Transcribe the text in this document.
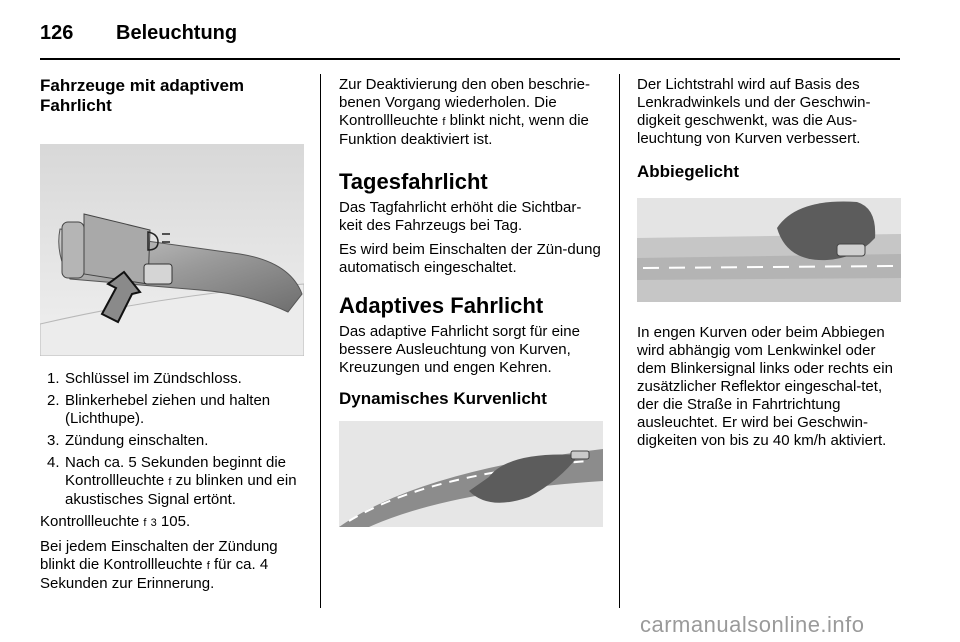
126 Beleuchtung
Fahrzeuge mit adaptivem Fahrlicht
1. Schlüssel im Zündschloss.
2. Blinkerhebel ziehen und halten (Lichthupe).
3. Zündung einschalten.
4. Nach ca. 5 Sekunden beginnt die Kontrollleuchte f zu blinken und ein akustisches Signal ertönt.

Kontrollleuchte f 3 105.

Bei jedem Einschalten der Zündung blinkt die Kontrollleuchte f für ca. 4 Sekunden zur Erinnerung.

Zur Deaktivierung den oben beschrie-benen Vorgang wiederholen. Die Kontrollleuchte f blinkt nicht, wenn die Funktion deaktiviert ist.

Tagesfahrlicht

Das Tagfahrlicht erhöht die Sichtbar-keit des Fahrzeugs bei Tag.

Es wird beim Einschalten der Zün-dung automatisch eingeschaltet.

Adaptives Fahrlicht

Das adaptive Fahrlicht sorgt für eine bessere Ausleuchtung von Kurven, Kreuzungen und engen Kehren.

Dynamisches Kurvenlicht

Der Lichtstrahl wird auf Basis des Lenkradwinkels und der Geschwin-digkeit geschwenkt, was die Aus-leuchtung von Kurven verbessert.

Abbiegelicht

In engen Kurven oder beim Abbiegen wird abhängig vom Lenkwinkel oder dem Blinkersignal links oder rechts ein zusätzlicher Reflektor eingeschal-tet, der die Straße in Fahrtrichtung ausleuchtet. Er wird bei Geschwin-digkeiten von bis zu 40 km/h aktiviert.

carmanualsonline.info
